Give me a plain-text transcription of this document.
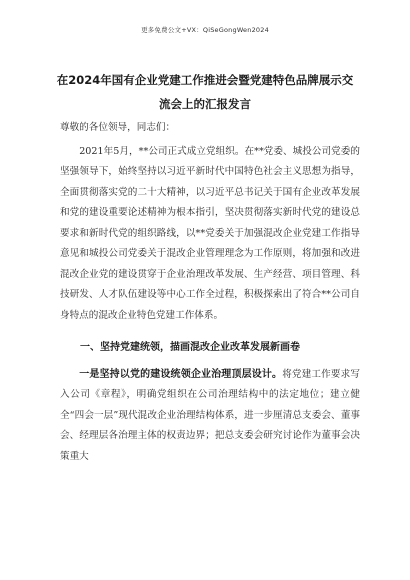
更多免费公文+VX：QiSeGongWen2024
在2024年国有企业党建工作推进会暨党建特色品牌展示交
流会上的汇报发言

尊敬的各位领导，同志们：

2021年5月，**公司正式成立党组织。在**党委、城投公司党委的坚强领导下，始终坚持以习近平新时代中国特色社会主义思想为指导，全面贯彻落实党的二十大精神，以习近平总书记关于国有企业改革发展和党的建设重要论述精神为根本指引，坚决贯彻落实新时代党的建设总要求和新时代党的组织路线，以**党委关于加强混改企业党建工作指导意见和城投公司党委关于混改企业管理理念为工作原则，将加强和改进混改企业党的建设贯穿于企业治理改革发展、生产经营、项目管理、科技研发、人才队伍建设等中心工作全过程，积极探索出了符合**公司自身特点的混改企业特色党建工作体系。

一、坚持党建统领，描画混改企业改革发展新画卷

一是坚持以党的建设统领企业治理顶层设计。将党建工作要求写入公司《章程》，明确党组织在公司治理结构中的法定地位；建立健全“四会一层”现代混改企业治理结构体系，进一步厘清总支委会、董事会、经理层各治理主体的权责边界；把总支委会研究讨论作为董事会决策重大
